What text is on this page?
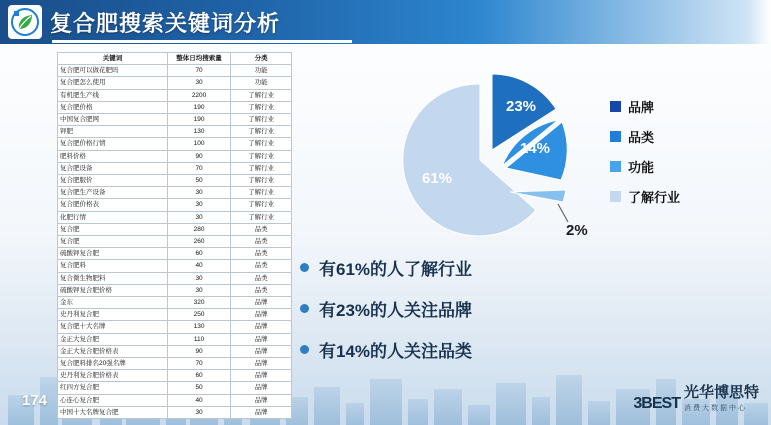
复合肥搜索关键词分析
关键词	整体日均搜索量	分类
复合肥可以做花肥吗	70	功能
复合肥怎么使用	30	功能
有机肥生产线	2200	了解行业
复合肥价格	190	了解行业
中国复合肥网	190	了解行业
钾肥	130	了解行业
复合肥价格行情	100	了解行业
肥料价格	90	了解行业
复合肥设备	70	了解行业
复合肥服价	50	了解行业
复合肥生产设备	30	了解行业
复合肥价格表	30	了解行业
化肥行情	30	了解行业
复合肥	280	品类
复合肥	260	品类
硫酸钾复合肥	60	品类
复合肥料	40	品类
复合微生物肥料	30	品类
硫酸钾复合肥价格	30	品类
金东	320	品牌
史丹利复合肥	250	品牌
复合肥十大名牌	130	品牌
金正大复合肥	110	品牌
金正大复合肥价格表	90	品牌
复合肥料排名20强名牌	70	品牌
史丹利复合肥价格表	60	品牌
红四方复合肥	50	品牌
心连心复合肥	40	品牌
中国十大名牌复合肥	30	品牌
23%
14%
2%
61%
品牌
品类
功能
了解行业
有61%的人了解行业
有23%的人关注品牌
有14%的人关注品类
174	3BEST
光华博思特
消费大数据中心
